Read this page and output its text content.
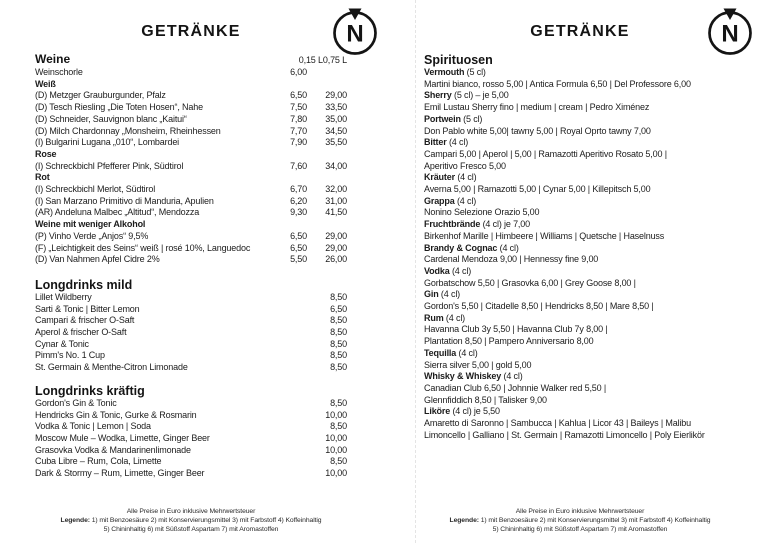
GETRÄNKE	N
Weine	0,15 L 0,75 L
Weinschorle	6,00
Weiß
(D) Metzger Grauburgunder, Pfalz	6,50	29,00
(D) Tesch Riesling „Die Toten Hosen“, Nahe	7,50	33,50
(D) Schneider, Sauvignon blanc „Kaitui“	7,80	35,00
(D) Milch Chardonnay „Monsheim, Rheinhessen	7,70	34,50
(I) Bulgarini Lugana „010“, Lombardei	7,90	35,50
Rose
(I) Schreckbichl Pfefferer Pink, Südtirol	7,60	34,00
Rot
(I) Schreckbichl Merlot, Südtirol	6,70	32,00
(I) San Marzano Primitivo di Manduria, Apulien	6,20	31,00
(AR) Andeluna Malbec „Altitud“, Mendozza	9,30	41,50
Weine mit weniger Alkohol
(P) Vinho Verde „Anjos“ 9,5%	6,50	29,00
(F) „Leichtigkeit des Seins“ weiß | rosé 10%, Languedoc	6,50	29,00
(D) Van Nahmen Apfel Cidre 2%	5,50	26,00
Longdrinks mild
Lillet Wildberry	8,50
Sarti & Tonic | Bitter Lemon	6,50
Campari & frischer O-Saft	8,50
Aperol & frischer O-Saft	8,50
Cynar & Tonic	8,50
Pimm's No. 1 Cup	8,50
St. Germain & Menthe-Citron Limonade	8,50
Longdrinks kräftig
Gordon's Gin & Tonic	8,50
Hendricks Gin & Tonic, Gurke & Rosmarin	10,00
Vodka & Tonic | Lemon | Soda	8,50
Moscow Mule – Wodka, Limette, Ginger Beer	10,00
Grasovka Vodka & Mandarinenlimonade	10,00
Cuba Libre – Rum, Cola, Limette	8,50
Dark & Stormy – Rum, Limette, Ginger Beer	10,00
Alle Preise in Euro inklusive Mehrwertsteuer
Legende: 1) mit Benzoesäure 2) mit Konservierungsmittel 3) mit Farbstoff 4) Koffeinhaltig
5) Chininhaltig 6) mit Süßstoff Aspartam 7) mit Aromastoffen
GETRÄNKE	N
Spirituosen
Vermouth (5 cl)
Martini bianco, rosso 5,00 | Antica Formula 6,50 | Del Professore 6,00
Sherry (5 cl) – je 5,00
Emil Lustau Sherry fino | medium | cream | Pedro Ximénez
Portwein (5 cl)
Don Pablo white 5,00| tawny 5,00 | Royal Oprto tawny 7,00
Bitter (4 cl)
Campari 5,00 | Aperol | 5,00 | Ramazotti Aperitivo Rosato 5,00 |
Aperitivo Fresco 5,00
Kräuter (4 cl)
Averna 5,00 | Ramazotti 5,00 | Cynar 5,00 | Killepitsch 5,00
Grappa (4 cl)
Nonino Selezione Orazio 5,00
Fruchtbrände (4 cl) je 7,00
Birkenhof Marille | Himbeere | Williams | Quetsche | Haselnuss
Brandy & Cognac (4 cl)
Cardenal Mendoza 9,00 | Hennessy fine 9,00
Vodka (4 cl)
Gorbatschow 5,50 | Grasovka 6,00 | Grey Goose 8,00 |
Gin (4 cl)
Gordon's 5,50 | Citadelle 8,50 | Hendricks 8,50 | Mare 8,50 |
Rum (4 cl)
Havanna Club 3y 5,50 | Havanna Club 7y 8,00 |
Plantation 8,50 | Pampero Anniversario 8,00
Tequilla (4 cl)
Sierra silver 5,00 | gold 5,00
Whisky & Whiskey (4 cl)
Canadian Club 6,50 | Johnnie Walker red 5,50 |
Glennfiddich 8,50 | Talisker 9,00
Liköre (4 cl) je 5,50
Amaretto di Saronno | Sambucca | Kahlua | Licor 43 | Baileys | Malibu
Limoncello | Galliano | St. Germain | Ramazotti Limoncello | Poly Eierlikör
Alle Preise in Euro inklusive Mehrwertsteuer
Legende: 1) mit Benzoesäure 2) mit Konservierungsmittel 3) mit Farbstoff 4) Koffeinhaltig
5) Chininhaltig 6) mit Süßstoff Aspartam 7) mit Aromastoffen
